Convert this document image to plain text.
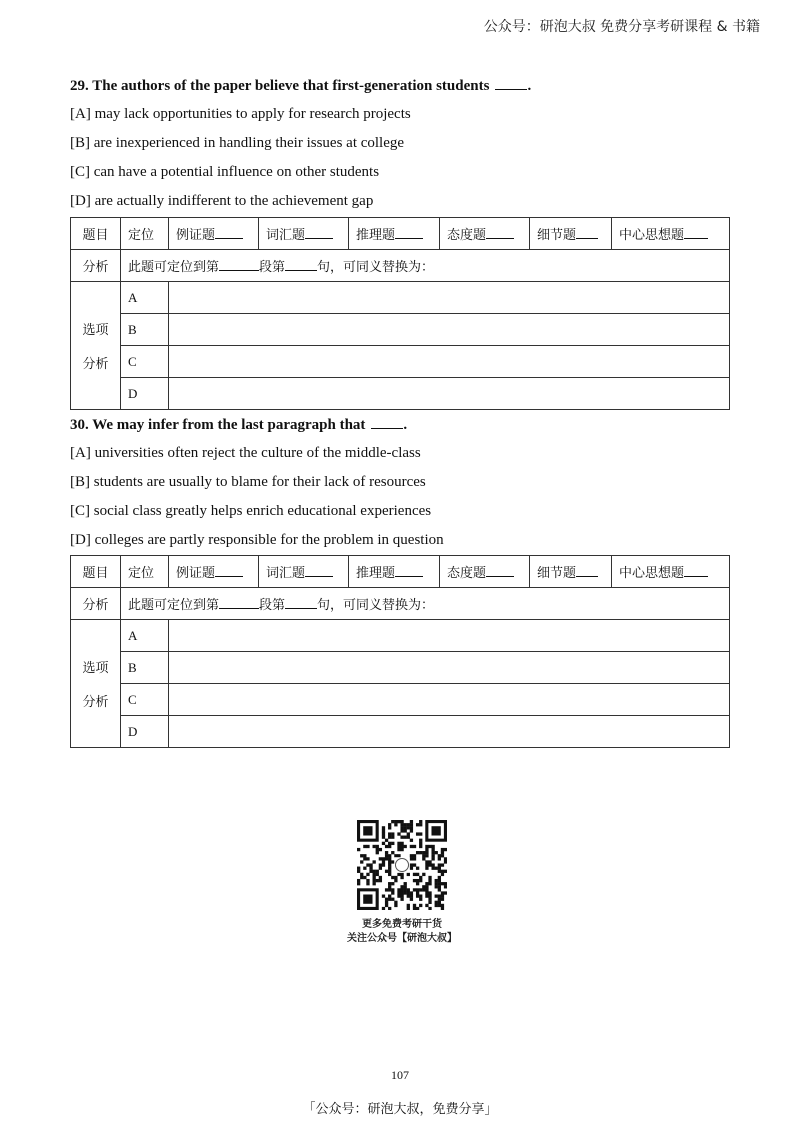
公众号：研泡大叔 免费分享考研课程 & 书籍
29. The authors of the paper believe that first-generation students	.
[A] may lack opportunities to apply for research projects
[B] are inexperienced in handling their issues at college
[C] can have a potential influence on other students
[D] are actually indifferent to the achievement gap
题目	定位	例证题	词汇题	推理题	态度题	细节题	中心思想题
分析	此题可定位到第 段第 句，可同义替换为：						
选项

分析	A						
	B						
	C						
	D						
30. We may infer from the last paragraph that	.
[A] universities often reject the culture of the middle-class
[B] students are usually to blame for their lack of resources
[C] social class greatly helps enrich educational experiences
[D] colleges are partly responsible for the problem in question
题目	定位	例证题	词汇题	推理题	态度题	细节题	中心思想题
分析	此题可定位到第 段第 句，可同义替换为：						
选项

分析	A						
	B						
	C						
	D						
更多免费考研干货
关注公众号【研泡大叔】
107
「公众号：研泡大叔，免费分享」
